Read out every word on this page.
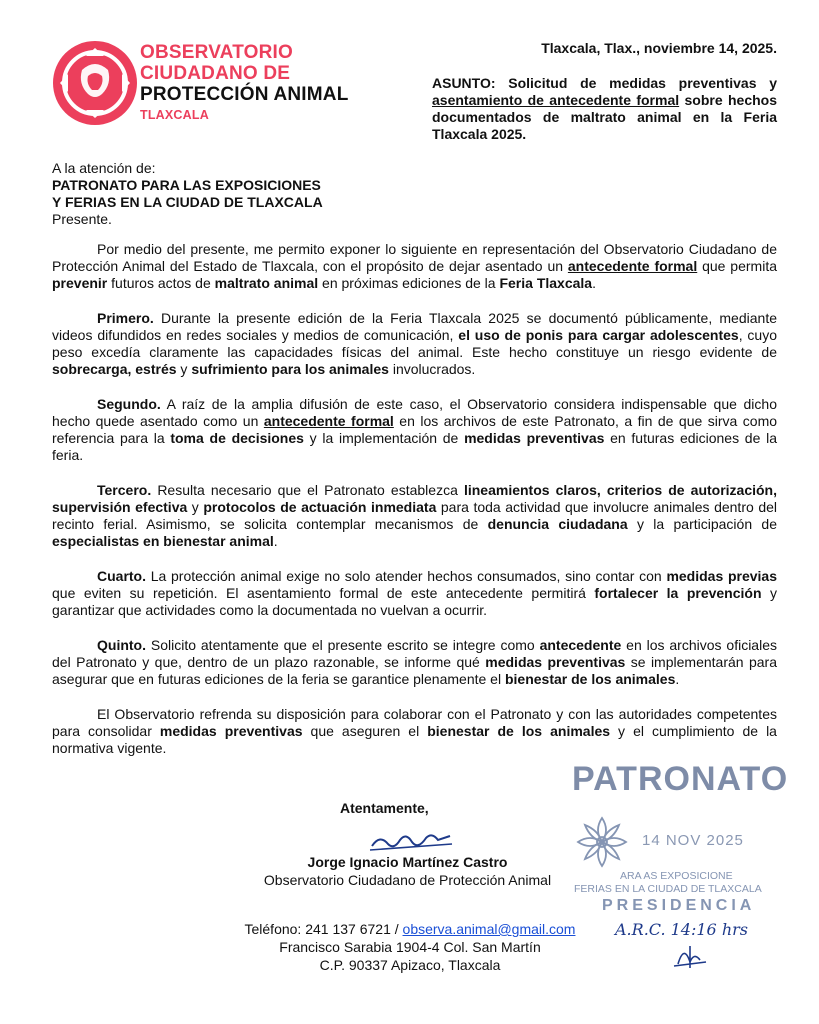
OBSERVATORIO
CIUDADANO DE
PROTECCIÓN ANIMAL
TLAXCALA
Tlaxcala, Tlax., noviembre 14, 2025.
ASUNTO: Solicitud de medidas preventivas y asentamiento de antecedente formal sobre hechos documentados de maltrato animal en la Feria Tlaxcala 2025.
A la atención de:
PATRONATO PARA LAS EXPOSICIONES
Y FERIAS EN LA CIUDAD DE TLAXCALA
Presente.

Por medio del presente, me permito exponer lo siguiente en representación del Observatorio Ciudadano de Protección Animal del Estado de Tlaxcala, con el propósito de dejar asentado un antecedente formal que permita prevenir futuros actos de maltrato animal en próximas ediciones de la Feria Tlaxcala.

Primero. Durante la presente edición de la Feria Tlaxcala 2025 se documentó públicamente, mediante videos difundidos en redes sociales y medios de comunicación, el uso de ponis para cargar adolescentes, cuyo peso excedía claramente las capacidades físicas del animal. Este hecho constituye un riesgo evidente de sobrecarga, estrés y sufrimiento para los animales involucrados.

Segundo. A raíz de la amplia difusión de este caso, el Observatorio considera indispensable que dicho hecho quede asentado como un antecedente formal en los archivos de este Patronato, a fin de que sirva como referencia para la toma de decisiones y la implementación de medidas preventivas en futuras ediciones de la feria.

Tercero. Resulta necesario que el Patronato establezca lineamientos claros, criterios de autorización, supervisión efectiva y protocolos de actuación inmediata para toda actividad que involucre animales dentro del recinto ferial. Asimismo, se solicita contemplar mecanismos de denuncia ciudadana y la participación de especialistas en bienestar animal.

Cuarto. La protección animal exige no solo atender hechos consumados, sino contar con medidas previas que eviten su repetición. El asentamiento formal de este antecedente permitirá fortalecer la prevención y garantizar que actividades como la documentada no vuelvan a ocurrir.

Quinto. Solicito atentamente que el presente escrito se integre como antecedente en los archivos oficiales del Patronato y que, dentro de un plazo razonable, se informe qué medidas preventivas se implementarán para asegurar que en futuras ediciones de la feria se garantice plenamente el bienestar de los animales.

El Observatorio refrenda su disposición para colaborar con el Patronato y con las autoridades competentes para consolidar medidas preventivas que aseguren el bienestar de los animales y el cumplimiento de la normativa vigente.

Atentamente,
Jorge Ignacio Martínez Castro
Observatorio Ciudadano de Protección Animal
Teléfono: 241 137 6721 / observa.animal@gmail.com
Francisco Sarabia 1904-4 Col. San Martín
C.P. 90337 Apizaco, Tlaxcala
PATRONATO
14 NOV 2025
ARA AS EXPOSICIONE
FERIAS EN LA CIUDAD DE TLAXCALA
PRESIDENCIA
A.R.C. 14:16 hrs
